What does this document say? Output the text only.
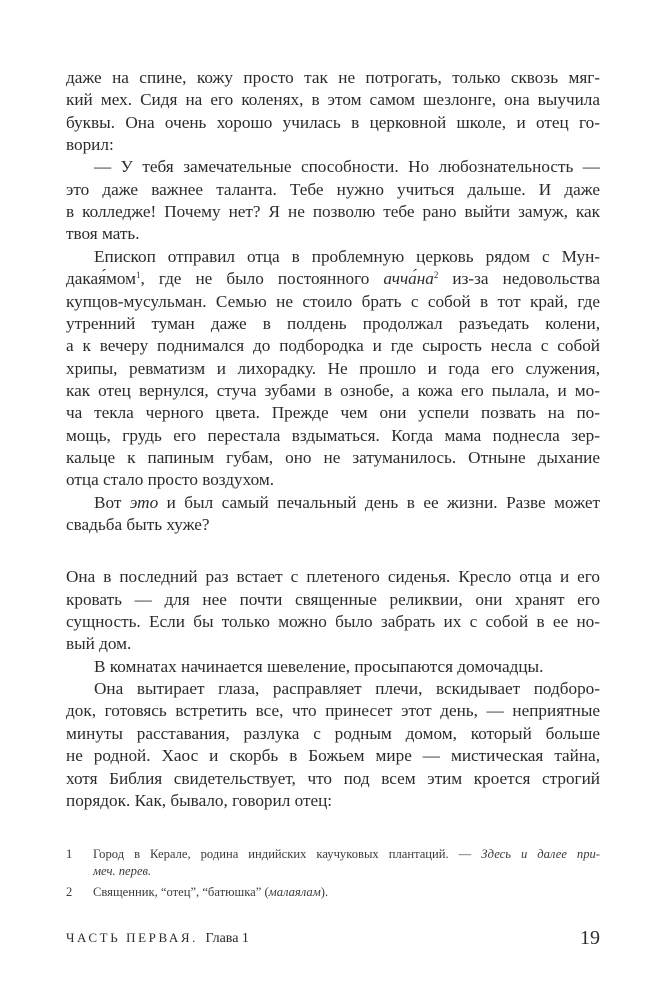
даже на спине, кожу просто так не потрогать, только сквозь мяг-
кий мех. Сидя на его коленях, в этом самом шезлонге, она выучила
буквы. Она очень хорошо училась в церковной школе, и отец го-
ворил:
— У тебя замечательные способности. Но любознательность —
это даже важнее таланта. Тебе нужно учиться дальше. И даже
в колледже! Почему нет? Я не позволю тебе рано выйти замуж, как
твоя мать.
Епископ отправил отца в проблемную церковь рядом с Мун-
дакая́мом$^1$, где не было постоянного $ачча́на^2$ из-за недовольства
купцов-мусульман. Семью не стоило брать с собой в тот край, где
утренний туман даже в полдень продолжал разъедать колени,
а к вечеру поднимался до подбородка и где сырость несла с собой
хрипы, ревматизм и лихорадку. Не прошло и года его служения,
как отец вернулся, стуча зубами в ознобе, а кожа его пылала, и мо-
ча текла черного цвета. Прежде чем они успели позвать на по-
мощь, грудь его перестала вздыматься. Когда мама поднесла зер-
кальце к папиным губам, оно не затуманилось. Отныне дыхание
отца стало просто воздухом.
Вот это и был самый печальный день в ее жизни. Разве может
свадьба быть хуже?
Она в последний раз встает с плетеного сиденья. Кресло отца и его
кровать — для нее почти священные реликвии, они хранят его
сущность. Если бы только можно было забрать их с собой в ее но-
вый дом.
В комнатах начинается шевеление, просыпаются домочадцы.
Она вытирает глаза, расправляет плечи, вскидывает подборо-
док, готовясь встретить все, что принесет этот день, — неприятные
минуты расставания, разлука с родным домом, который больше
не родной. Хаос и скорбь в Божьем мире — мистическая тайна,
хотя Библия свидетельствует, что под всем этим кроется строгий
порядок. Как, бывало, говорил отец:
1 Город в Керале, родина индийских каучуковых плантаций. — Здесь и далее при-
меч. перев.
2 Священник, “отец”, “батюшка” (малаялам).
ЧАСТЬ ПЕРВАЯ. Глава 1	19
